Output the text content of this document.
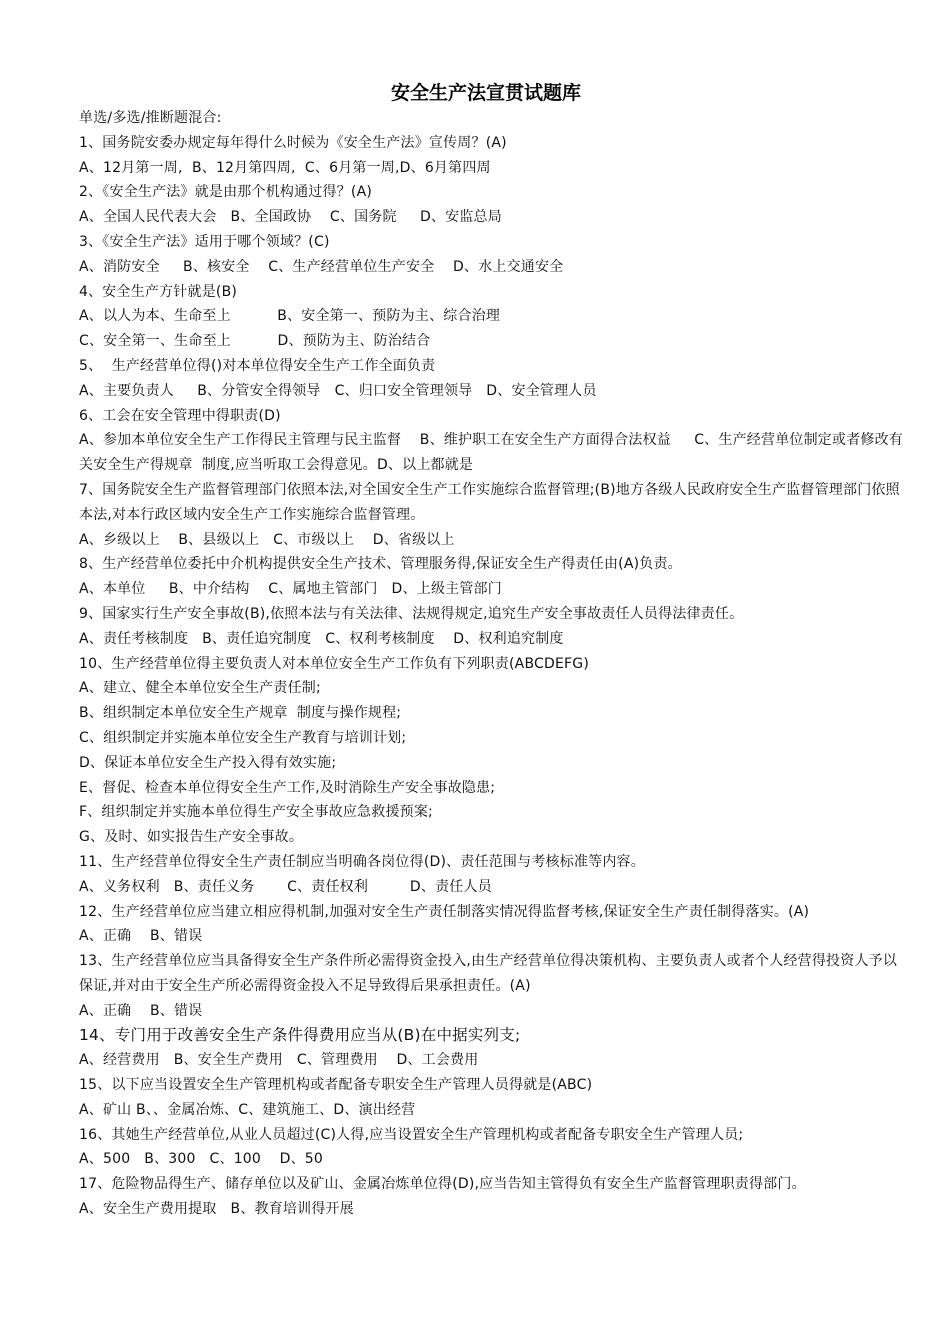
安全生产法宣贯试题库
单选/多选/推断题混合:
1、国务院安委办规定每年得什么时候为《安全生产法》宣传周？(A)
A、12月第一周,  B、12月第四周,  C、6月第一周,D、6月第四周
2、《安全生产法》就是由那个机构通过得？(A)
A、全国人民代表大会   B、全国政协    C、国务院     D、安监总局
3、《安全生产法》适用于哪个领域？(C)
A、消防安全     B、核安全    C、生产经营单位生产安全    D、水上交通安全
4、安全生产方针就是(B)
A、以人为本、生命至上          B、安全第一、预防为主、综合治理
C、安全第一、生命至上          D、预防为主、防治结合
5、  生产经营单位得()对本单位得安全生产工作全面负责
A、主要负责人     B、分管安全得领导   C、归口安全管理领导   D、安全管理人员
6、工会在安全管理中得职责(D)
A、参加本单位安全生产工作得民主管理与民主监督    B、维护职工在安全生产方面得合法权益     C、生产经营单位制定或者修改有关安全生产得规章  制度,应当听取工会得意见。D、以上都就是
7、国务院安全生产监督管理部门依照本法,对全国安全生产工作实施综合监督管理;(B)地方各级人民政府安全生产监督管理部门依照本法,对本行政区域内安全生产工作实施综合监督管理。
A、乡级以上    B、县级以上   C、市级以上    D、省级以上
8、生产经营单位委托中介机构提供安全生产技术、管理服务得,保证安全生产得责任由(A)负责。
A、本单位     B、中介结构    C、属地主管部门   D、上级主管部门
9、国家实行生产安全事故(B),依照本法与有关法律、法规得规定,追究生产安全事故责任人员得法律责任。
A、责任考核制度   B、责任追究制度   C、权利考核制度    D、权利追究制度
10、生产经营单位得主要负责人对本单位安全生产工作负有下列职责(ABCDEFG)
A、建立、健全本单位安全生产责任制;
B、组织制定本单位安全生产规章  制度与操作规程;
C、组织制定并实施本单位安全生产教育与培训计划;
D、保证本单位安全生产投入得有效实施;
E、督促、检查本单位得安全生产工作,及时消除生产安全事故隐患;
F、组织制定并实施本单位得生产安全事故应急救援预案;
G、及时、如实报告生产安全事故。
11、生产经营单位得安全生产责任制应当明确各岗位得(D)、责任范围与考核标准等内容。
A、义务权利   B、责任义务       C、责任权利         D、责任人员
12、生产经营单位应当建立相应得机制,加强对安全生产责任制落实情况得监督考核,保证安全生产责任制得落实。(A)
A、正确    B、错误
13、生产经营单位应当具备得安全生产条件所必需得资金投入,由生产经营单位得决策机构、主要负责人或者个人经营得投资人予以保证,并对由于安全生产所必需得资金投入不足导致得后果承担责任。(A)
A、正确    B、错误
14、专门用于改善安全生产条件得费用应当从(B)在中据实列支;
A、经营费用   B、安全生产费用   C、管理费用    D、工会费用
15、以下应当设置安全生产管理机构或者配备专职安全生产管理人员得就是(ABC)
A、矿山 B、、金属冶炼、C、建筑施工、D、演出经营
16、其她生产经营单位,从业人员超过(C)人得,应当设置安全生产管理机构或者配备专职安全生产管理人员;
A、500   B、300   C、100    D、50
17、危险物品得生产、储存单位以及矿山、金属冶炼单位得(D),应当告知主管得负有安全生产监督管理职责得部门。
A、安全生产费用提取   B、教育培训得开展
